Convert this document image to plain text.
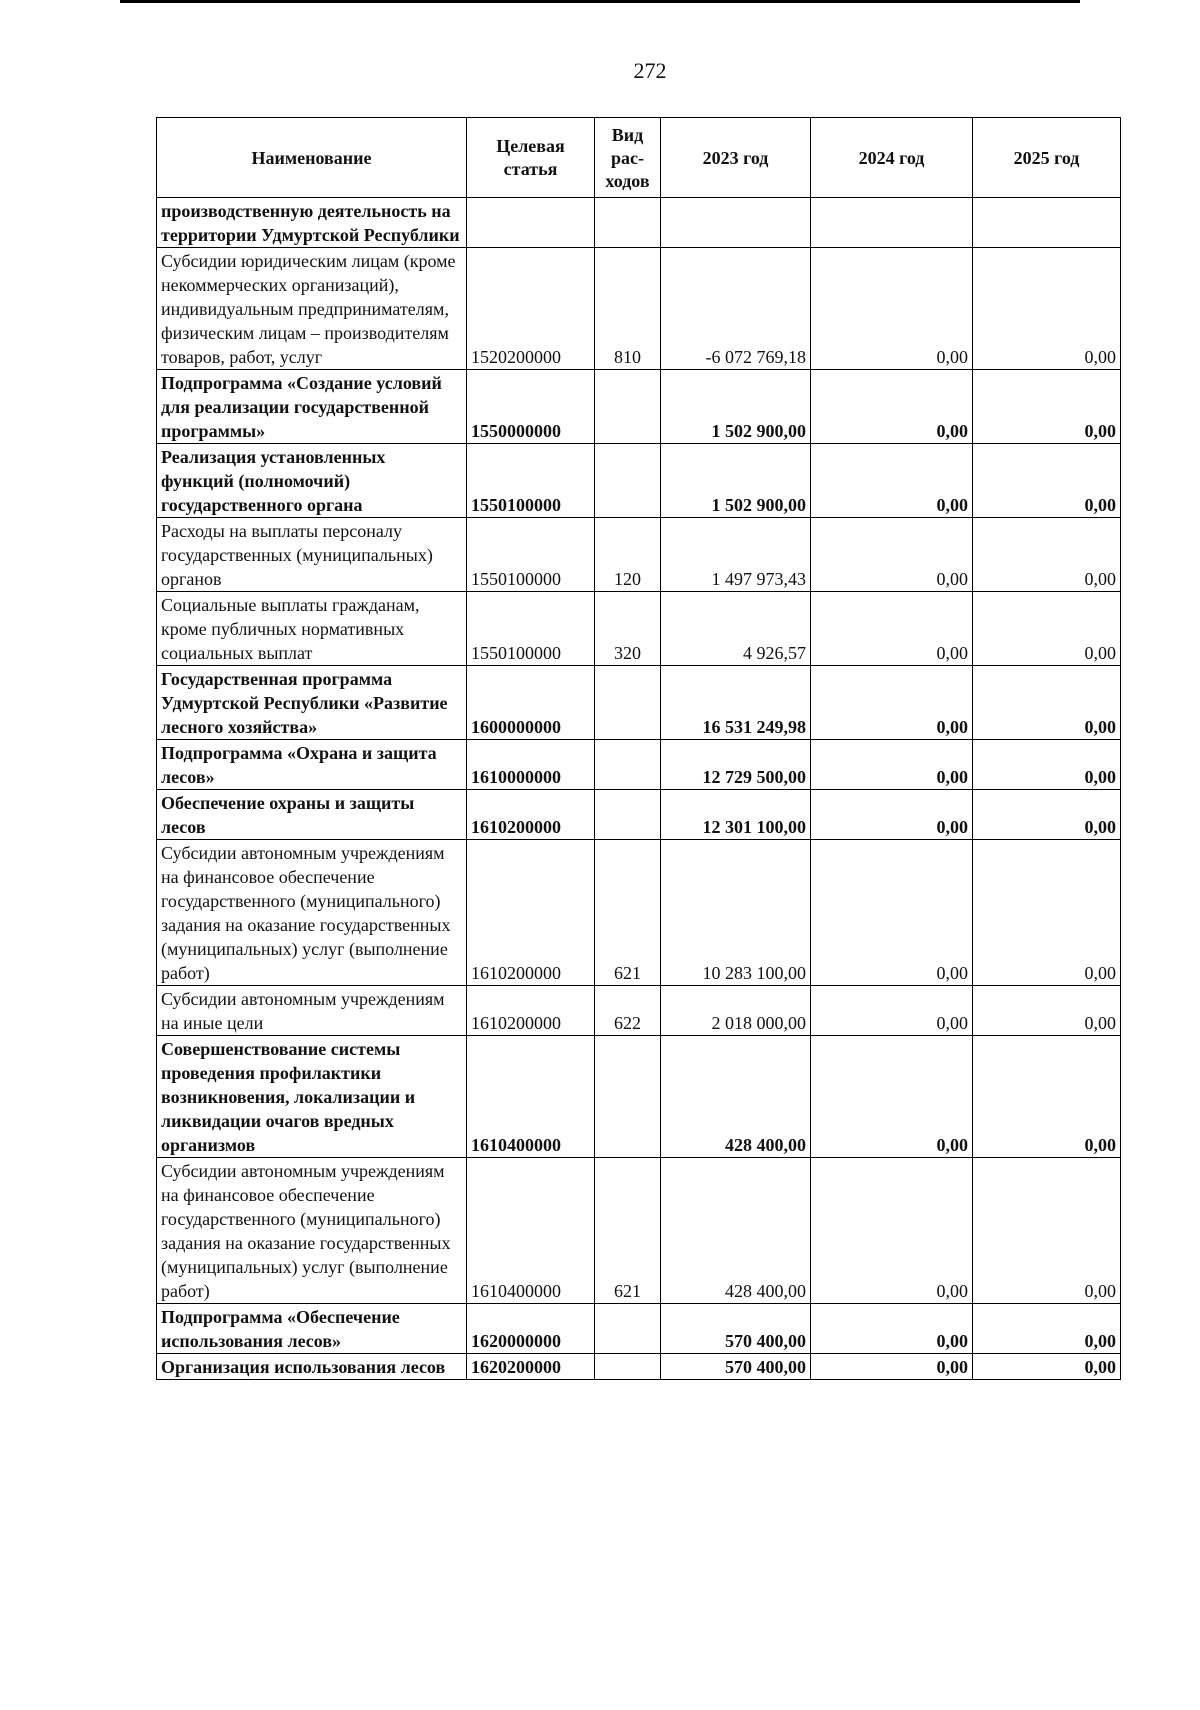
272
Наименование	Целевая статья	Вид рас-ходов	2023 год	2024 год	2025 год
производственную деятельность на территории Удмуртской Республики					
Субсидии юридическим лицам (кроме некоммерческих организаций), индивидуальным предпринимателям, физическим лицам – производителям товаров, работ, услуг	1520200000	810	-6 072 769,18	0,00	0,00
Подпрограмма «Создание условий для реализации государственной программы»	1550000000		1 502 900,00	0,00	0,00
Реализация установленных функций (полномочий) государственного органа	1550100000		1 502 900,00	0,00	0,00
Расходы на выплаты персоналу государственных (муниципальных) органов	1550100000	120	1 497 973,43	0,00	0,00
Социальные выплаты гражданам, кроме публичных нормативных социальных выплат	1550100000	320	4 926,57	0,00	0,00
Государственная программа Удмуртской Республики «Развитие лесного хозяйства»	1600000000		16 531 249,98	0,00	0,00
Подпрограмма «Охрана и защита лесов»	1610000000		12 729 500,00	0,00	0,00
Обеспечение охраны и защиты лесов	1610200000		12 301 100,00	0,00	0,00
Субсидии автономным учреждениям на финансовое обеспечение государственного (муниципального) задания на оказание государственных (муниципальных) услуг (выполнение работ)	1610200000	621	10 283 100,00	0,00	0,00
Субсидии автономным учреждениям на иные цели	1610200000	622	2 018 000,00	0,00	0,00
Совершенствование системы проведения профилактики возникновения, локализации и ликвидации очагов вредных организмов	1610400000		428 400,00	0,00	0,00
Субсидии автономным учреждениям на финансовое обеспечение государственного (муниципального) задания на оказание государственных (муниципальных) услуг (выполнение работ)	1610400000	621	428 400,00	0,00	0,00
Подпрограмма «Обеспечение использования лесов»	1620000000		570 400,00	0,00	0,00
Организация использования лесов	1620200000		570 400,00	0,00	0,00
